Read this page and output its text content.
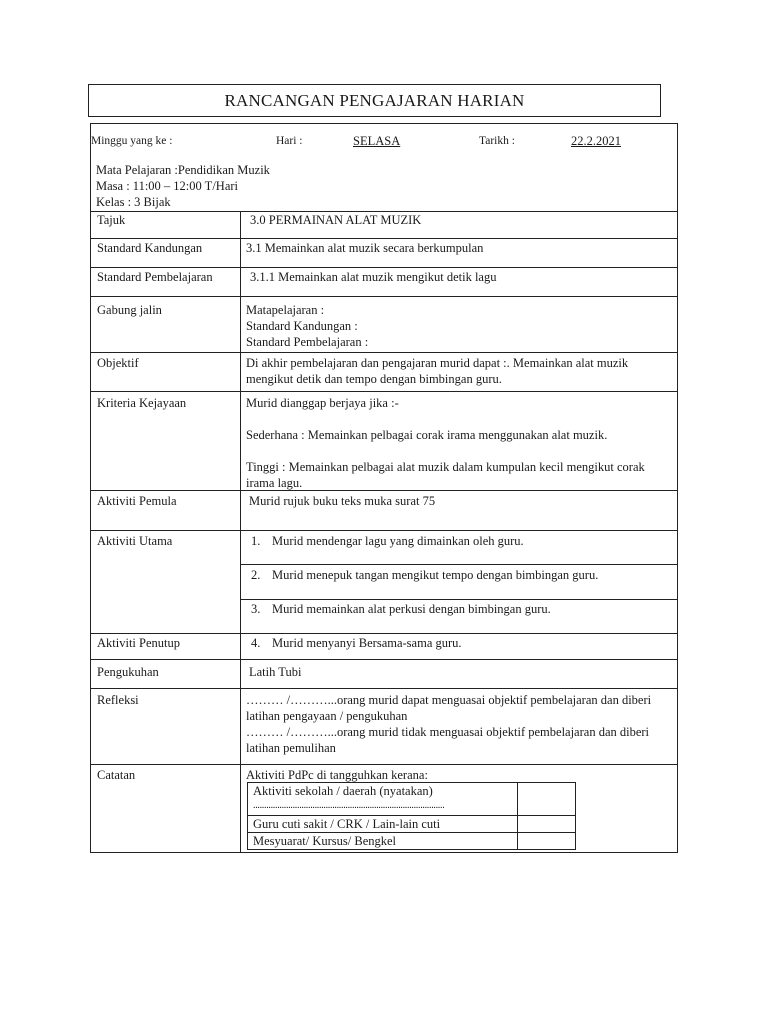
RANCANGAN PENGAJARAN HARIAN
Minggu yang ke :	Hari :	SELASA	Tarikh :	22.2.2021
Mata Pelajaran :Pendidikan Muzik
Masa : 11:00 – 12:00 T/Hari
Kelas : 3 Bijak
Tajuk	3.0 PERMAINAN ALAT MUZIK
Standard Kandungan	3.1 Memainkan alat muzik secara berkumpulan
Standard Pembelajaran	3.1.1 Memainkan alat muzik mengikut detik lagu
Gabung jalin	Matapelajaran :
Standard Kandungan :
Standard Pembelajaran :
Objektif	Di akhir pembelajaran dan pengajaran murid dapat :. Memainkan alat muzik mengikut detik dan tempo dengan bimbingan guru.
Kriteria Kejayaan	Murid dianggap berjaya jika :-
Sederhana : Memainkan pelbagai corak irama menggunakan alat muzik.
Tinggi : Memainkan pelbagai alat muzik dalam kumpulan kecil mengikut corak irama lagu.
Aktiviti Pemula	Murid rujuk buku teks muka surat 75
Aktiviti Utama	1. Murid mendengar lagu yang dimainkan oleh guru.
2. Murid menepuk tangan mengikut tempo dengan bimbingan guru.
3. Murid memainkan alat perkusi dengan bimbingan guru.
Aktiviti Penutup	4. Murid menyanyi Bersama-sama guru.
Pengukuhan	Latih Tubi
Refleksi	……… /………...orang murid dapat menguasai objektif pembelajaran dan diberi latihan pengayaan / pengukuhan
……… /………...orang murid tidak menguasai objektif pembelajaran dan diberi latihan pemulihan
Catatan	Aktiviti PdPc di tangguhkan kerana:
Aktiviti sekolah / daerah (nyatakan)
.......................................................................................
Guru cuti sakit / CRK / Lain-lain cuti
Mesyuarat/ Kursus/ Bengkel
